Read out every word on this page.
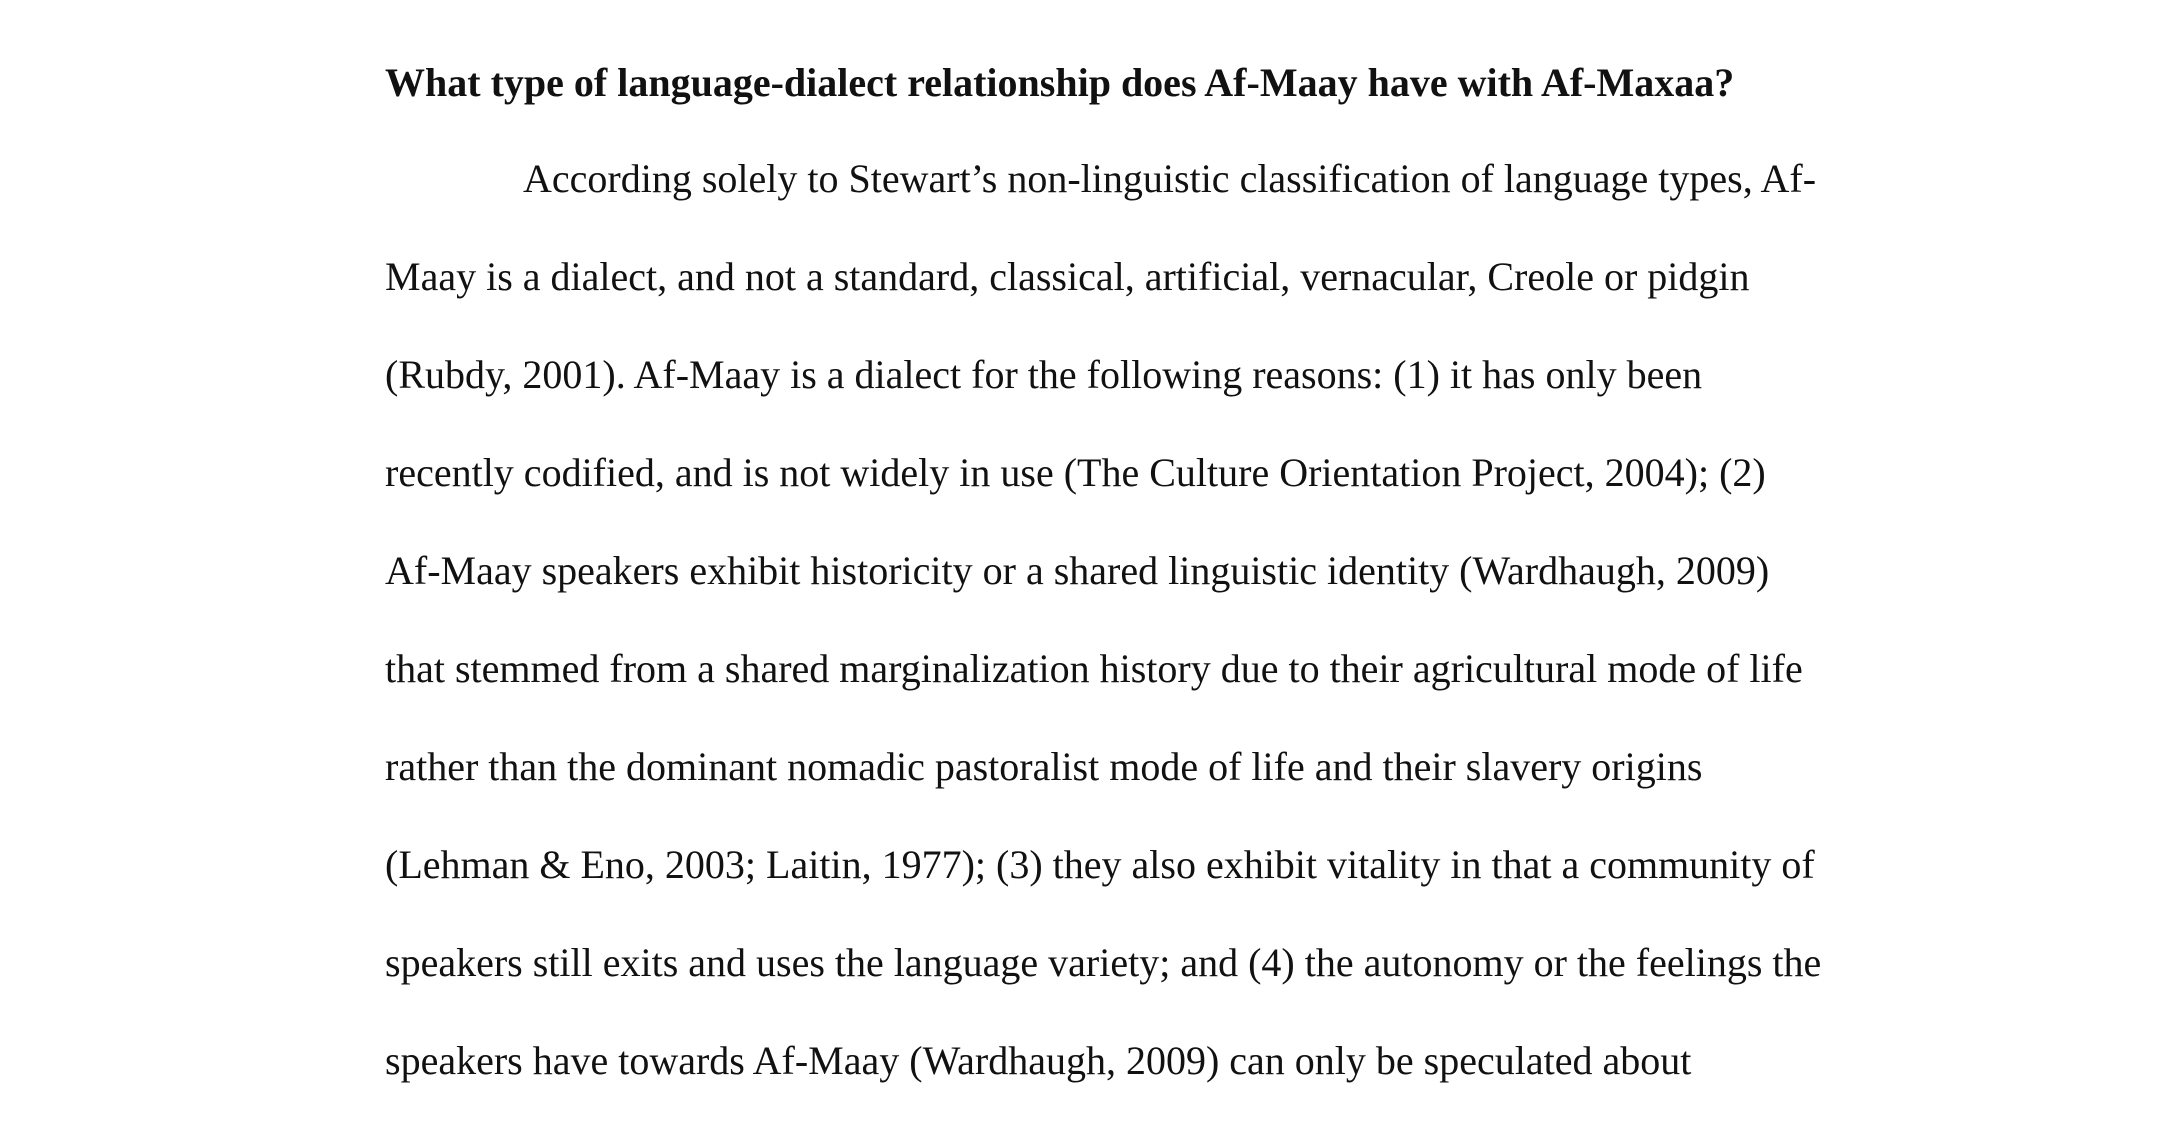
What type of language-dialect relationship does Af-Maay have with Af-Maxaa?
According solely to Stewart’s non-linguistic classification of language types, Af-
Maay is a dialect, and not a standard, classical, artificial, vernacular, Creole or pidgin
(Rubdy, 2001). Af-Maay is a dialect for the following reasons: (1) it has only been
recently codified, and is not widely in use (The Culture Orientation Project, 2004); (2)
Af-Maay speakers exhibit historicity or a shared linguistic identity (Wardhaugh, 2009)
that stemmed from a shared marginalization history due to their agricultural mode of life
rather than the dominant nomadic pastoralist mode of life and their slavery origins
(Lehman & Eno, 2003; Laitin, 1977); (3) they also exhibit vitality in that a community of
speakers still exits and uses the language variety; and (4) the autonomy or the feelings the
speakers have towards Af-Maay (Wardhaugh, 2009) can only be speculated about
